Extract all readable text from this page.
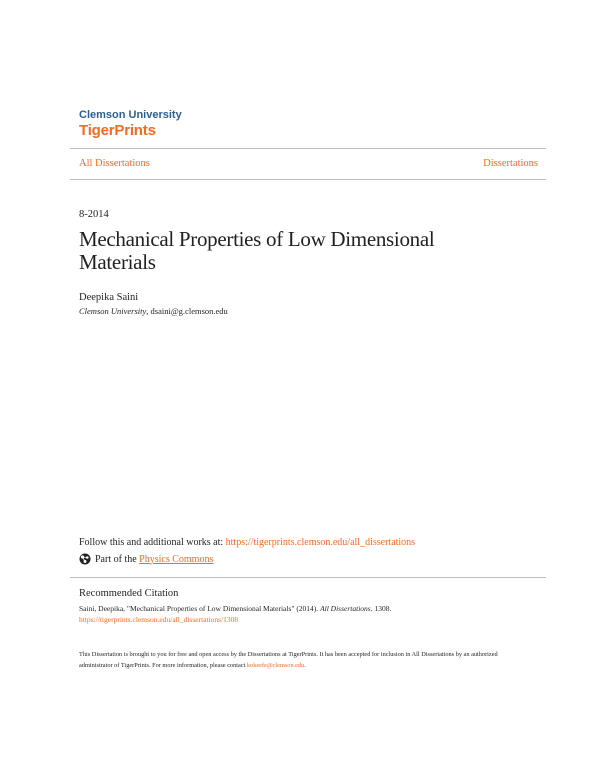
Clemson University
TigerPrints
All Dissertations	Dissertations
8-2014
Mechanical Properties of Low Dimensional Materials
Deepika Saini
Clemson University, dsaini@g.clemson.edu
Follow this and additional works at: https://tigerprints.clemson.edu/all_dissertations
Part of the Physics Commons
Recommended Citation
Saini, Deepika, "Mechanical Properties of Low Dimensional Materials" (2014). All Dissertations. 1308.
https://tigerprints.clemson.edu/all_dissertations/1308
This Dissertation is brought to you for free and open access by the Dissertations at TigerPrints. It has been accepted for inclusion in All Dissertations by an authorized administrator of TigerPrints. For more information, please contact kokeefe@clemson.edu.
